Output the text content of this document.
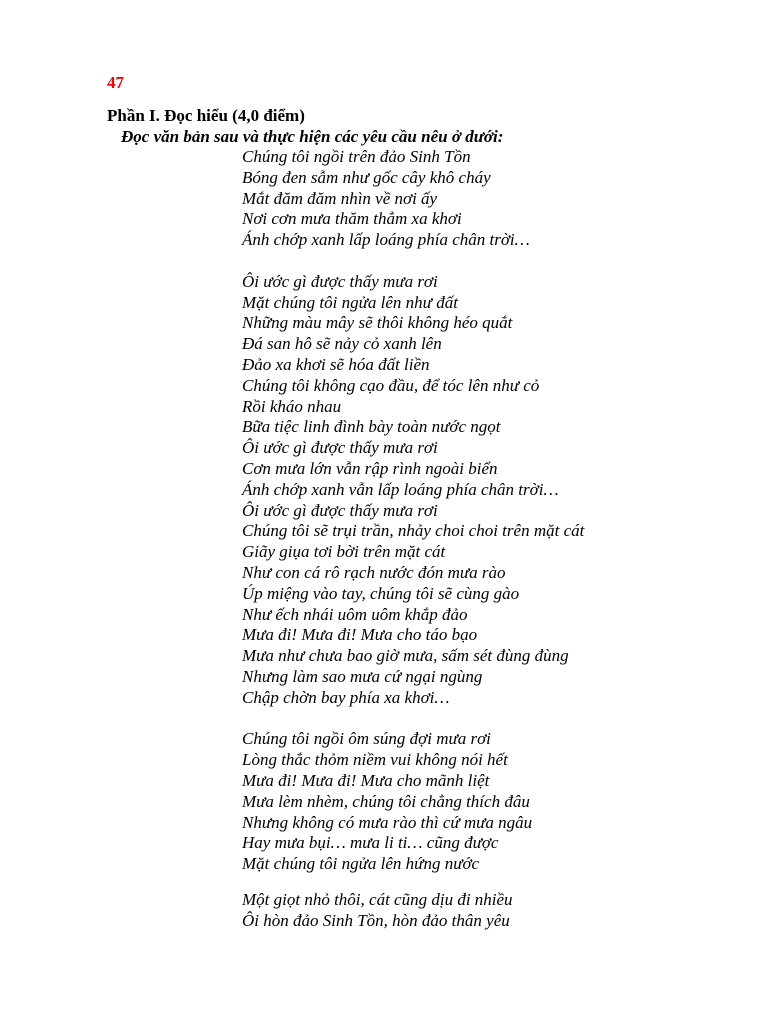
47
Phần I. Đọc hiểu (4,0 điểm)
Đọc văn bản sau và thực hiện các yêu cầu nêu ở dưới:
Chúng tôi ngồi trên đảo Sinh Tồn
Bóng đen sẫm như gốc cây khô cháy
Mắt đăm đăm nhìn về nơi ấy
Nơi cơn mưa thăm thẳm xa khơi
Ánh chớp xanh lấp loáng phía chân trời…
Ôi ước gì được thấy mưa rơi
Mặt chúng tôi ngửa lên như đất
Những màu mây sẽ thôi không héo quắt
Đá san hô sẽ nảy cỏ xanh lên
Đảo xa khơi sẽ hóa đất liền
Chúng tôi không cạo đầu, để tóc lên như cỏ
Rồi kháo nhau
Bữa tiệc linh đình bày toàn nước ngọt
Ôi ước gì được thấy mưa rơi
Cơn mưa lớn vẫn rập rình ngoài biển
Ánh chớp xanh vẫn lấp loáng phía chân trời…
Ôi ước gì được thấy mưa rơi
Chúng tôi sẽ trụi trần, nhảy choi choi trên mặt cát
Giãy giụa tơi bời trên mặt cát
Như con cá rô rạch nước đón mưa rào
Úp miệng vào tay, chúng tôi sẽ cùng gào
Như ếch nhái uôm uôm khắp đảo
Mưa đi! Mưa đi! Mưa cho táo bạo
Mưa như chưa bao giờ mưa, sấm sét đùng đùng
Nhưng làm sao mưa cứ ngại ngùng
Chập chờn bay phía xa khơi…
Chúng tôi ngồi ôm súng đợi mưa rơi
Lòng thắc thỏm niềm vui không nói hết
Mưa đi! Mưa đi! Mưa cho mãnh liệt
Mưa lèm nhèm, chúng tôi chẳng thích đâu
Nhưng không có mưa rào thì cứ mưa ngâu
Hay mưa bụi… mưa li ti… cũng được
Mặt chúng tôi ngửa lên hứng nước
Một giọt nhỏ thôi, cát cũng dịu đi nhiều
Ôi hòn đảo Sinh Tồn, hòn đảo thân yêu
